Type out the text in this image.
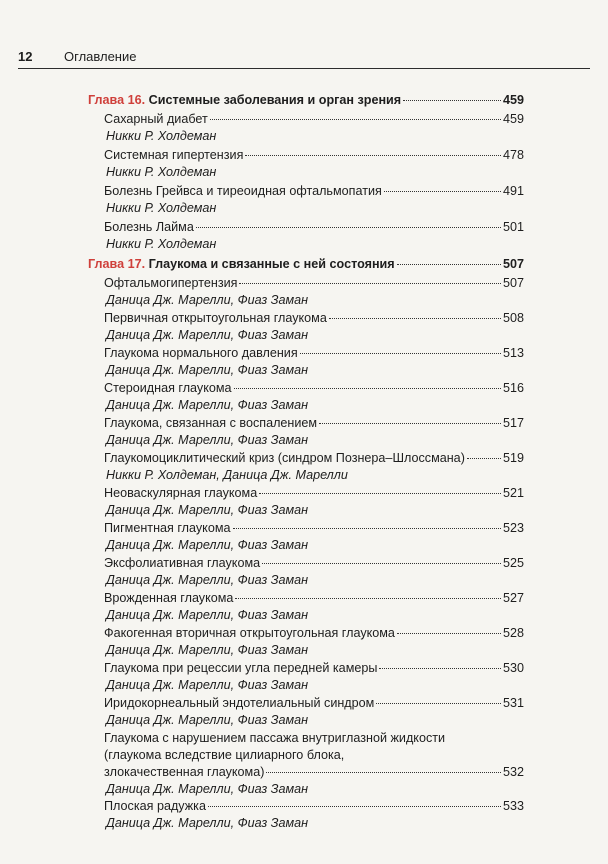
12	Оглавление
Глава 16. Системные заболевания и орган зрения	459
Сахарный диабет	459
Никки Р. Холдеман
Системная гипертензия	478
Никки Р. Холдеман
Болезнь Грейвса и тиреоидная офтальмопатия	491
Никки Р. Холдеман
Болезнь Лайма	501
Никки Р. Холдеман
Глава 17. Глаукома и связанные с ней состояния	507
Офтальмогипертензия	507
Даница Дж. Марелли, Фиаз Заман
Первичная открытоугольная глаукома	508
Даница Дж. Марелли, Фиаз Заман
Глаукома нормального давления	513
Даница Дж. Марелли, Фиаз Заман
Стероидная глаукома	516
Даница Дж. Марелли, Фиаз Заман
Глаукома, связанная с воспалением	517
Даница Дж. Марелли, Фиаз Заман
Глаукомоциклитический криз (синдром Познера–Шлоссмана)	519
Никки Р. Холдеман, Даница Дж. Марелли
Неоваскулярная глаукома	521
Даница Дж. Марелли, Фиаз Заман
Пигментная глаукома	523
Даница Дж. Марелли, Фиаз Заман
Эксфолиативная глаукома	525
Даница Дж. Марелли, Фиаз Заман
Врожденная глаукома	527
Даница Дж. Марелли, Фиаз Заман
Факогенная вторичная открытоугольная глаукома	528
Даница Дж. Марелли, Фиаз Заман
Глаукома при рецессии угла передней камеры	530
Даница Дж. Марелли, Фиаз Заман
Иридокорнеальный эндотелиальный синдром	531
Даница Дж. Марелли, Фиаз Заман
Глаукома с нарушением пассажа внутриглазной жидкости
(глаукома вследствие цилиарного блока,
злокачественная глаукома)	532
Даница Дж. Марелли, Фиаз Заман
Плоская радужка	533
Даница Дж. Марелли, Фиаз Заман
